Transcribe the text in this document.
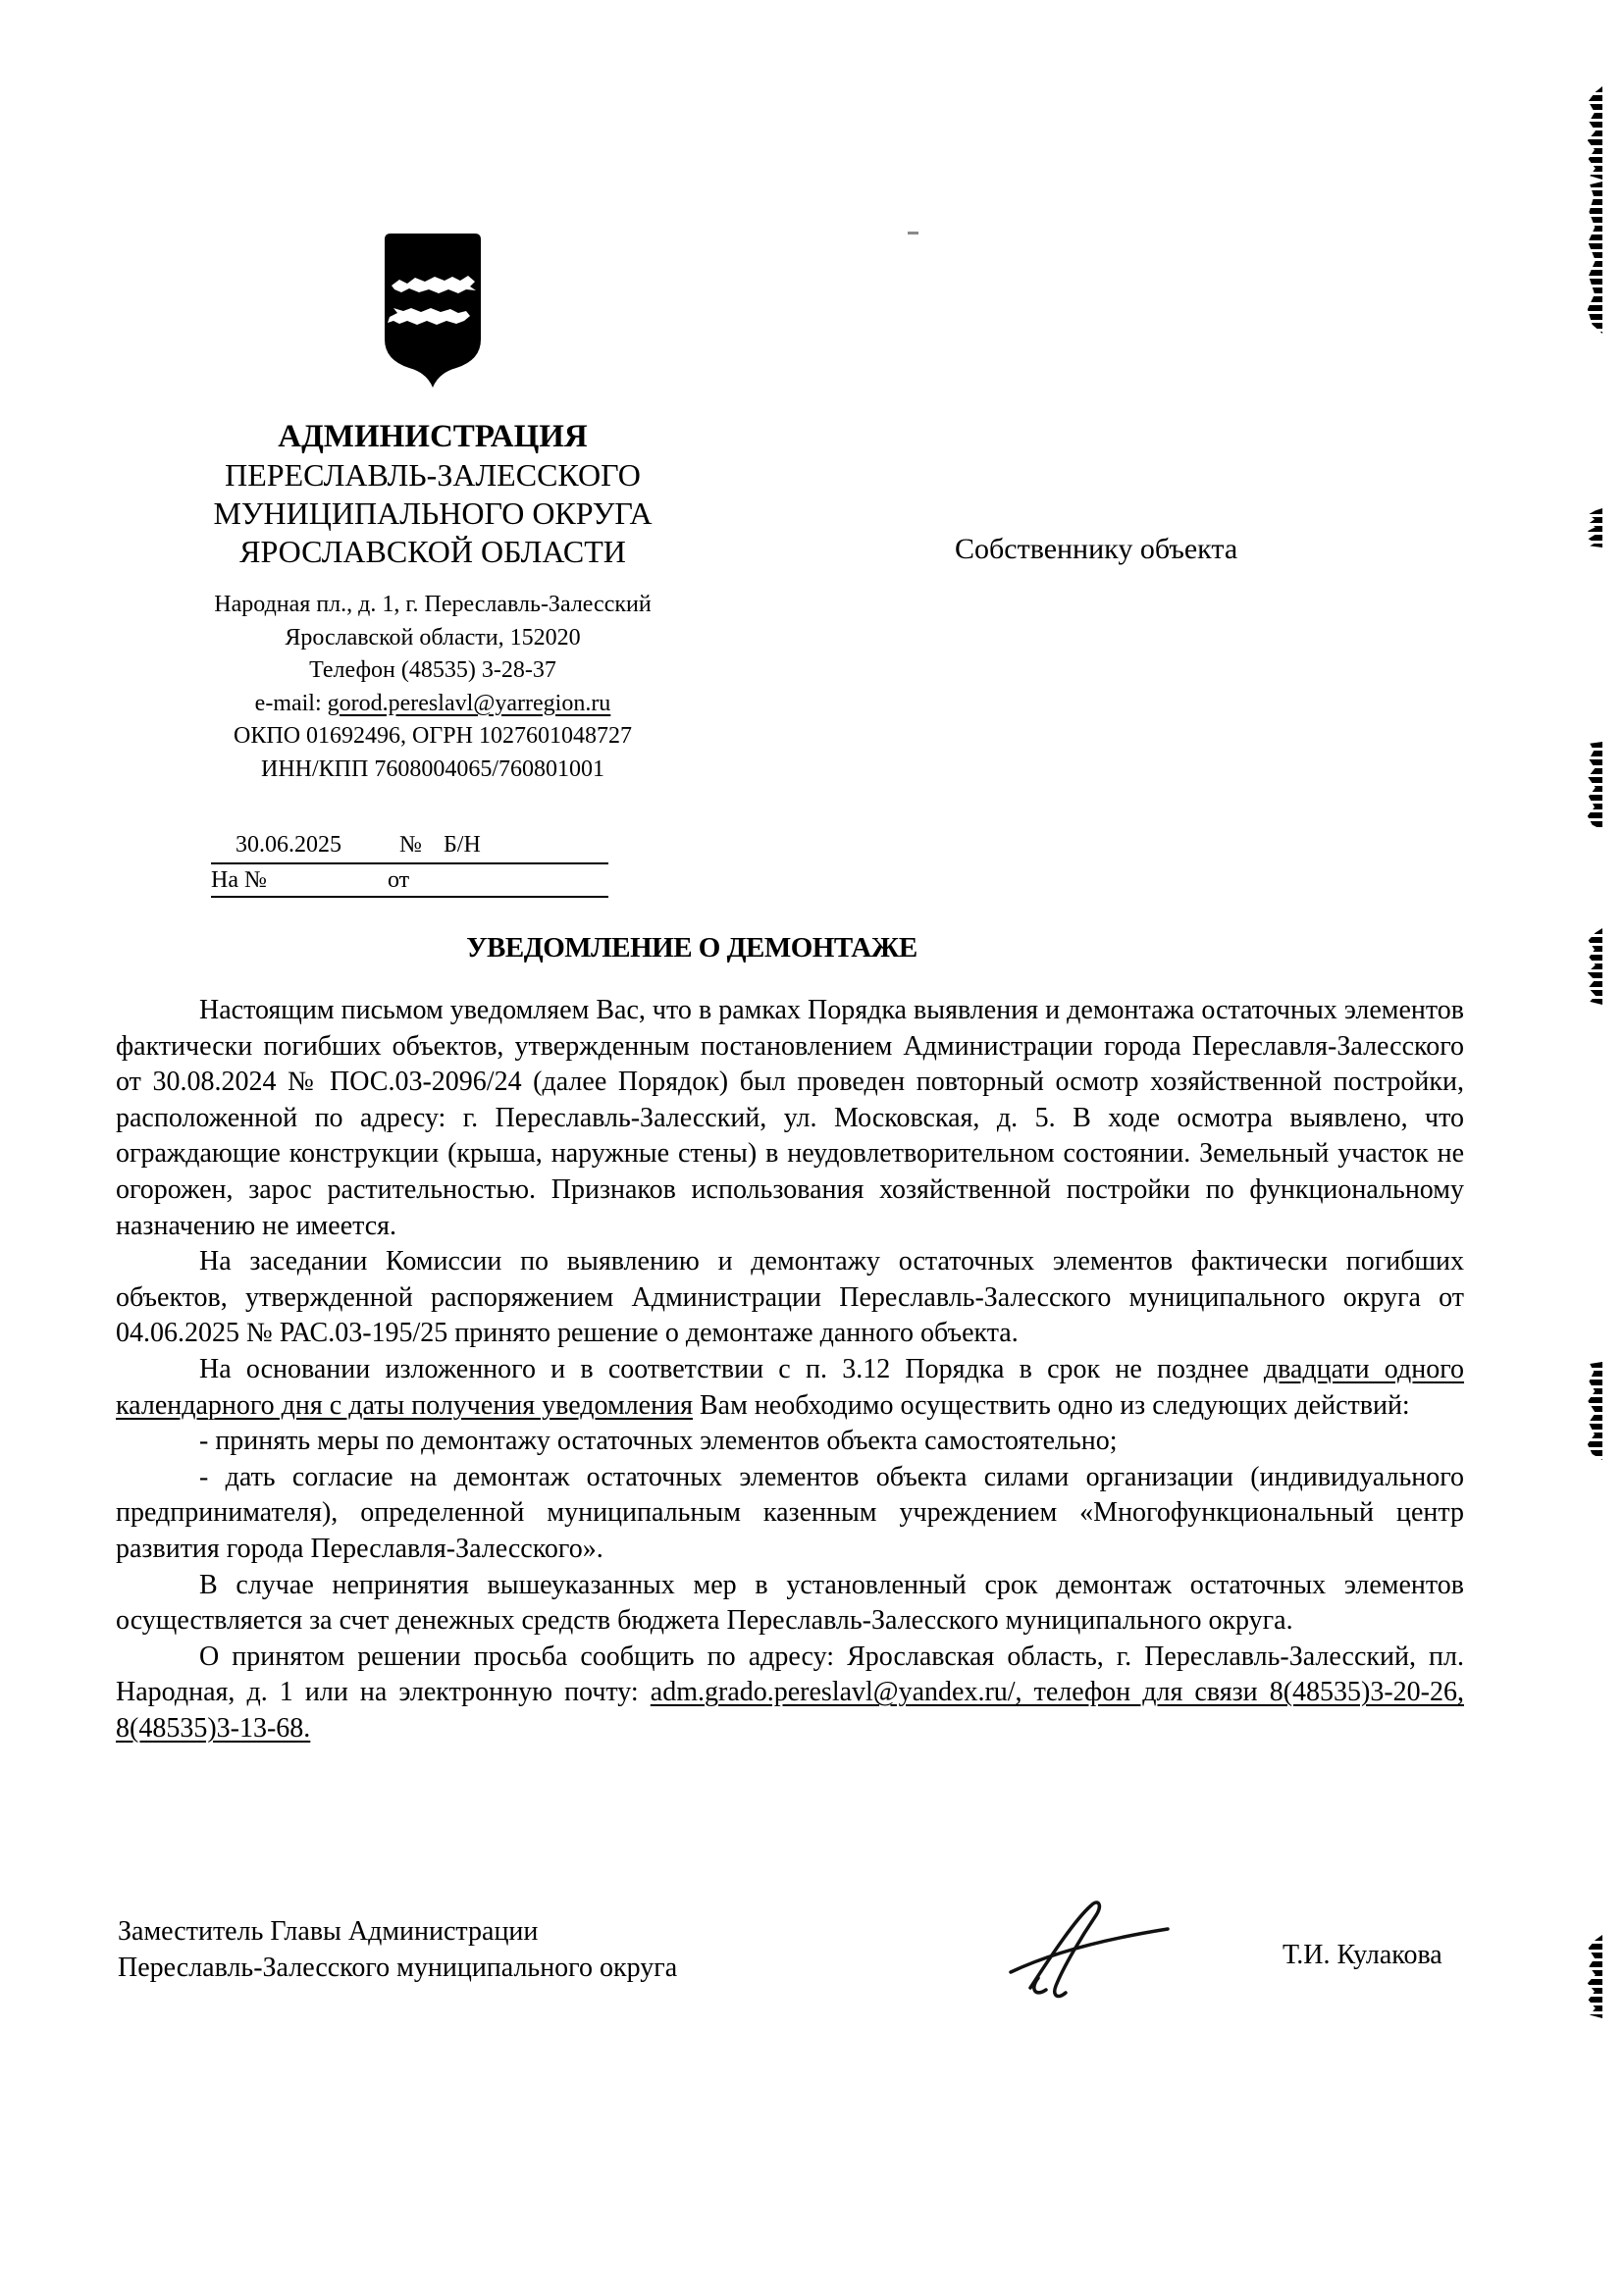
АДМИНИСТРАЦИЯ
ПЕРЕСЛАВЛЬ-ЗАЛЕССКОГО
МУНИЦИПАЛЬНОГО ОКРУГА
ЯРОСЛАВСКОЙ ОБЛАСТИ
Народная пл., д. 1, г. Переславль-Залесский
Ярославской области, 152020
Телефон (48535) 3-28-37
e-mail: gorod.pereslavl@yarregion.ru
ОКПО 01692496, ОГРН 1027601048727
ИНН/КПП 7608004065/760801001
30.06.2025 № Б/Н
На №	от
Собственнику объекта
УВЕДОМЛЕНИЕ О ДЕМОНТАЖЕ

Настоящим письмом уведомляем Вас, что в рамках Порядка выявления и демонтажа остаточных элементов фактически погибших объектов, утвержденным постановлением Администрации города Переславля-Залесского от 30.08.2024 № ПОС.03-2096/24 (далее Порядок) был проведен повторный осмотр хозяйственной постройки, расположенной по адресу: г. Переславль-Залесский, ул. Московская, д. 5. В ходе осмотра выявлено, что ограждающие конструкции (крыша, наружные стены) в неудовлетворительном состоянии. Земельный участок не огорожен, зарос растительностью. Признаков использования хозяйственной постройки по функциональному назначению не имеется.

На заседании Комиссии по выявлению и демонтажу остаточных элементов фактически погибших объектов, утвержденной распоряжением Администрации Переславль-Залесского муниципального округа от 04.06.2025 № РАС.03-195/25 принято решение о демонтаже данного объекта.

На основании изложенного и в соответствии с п. 3.12 Порядка в срок не позднее двадцати одного календарного дня с даты получения уведомления Вам необходимо осуществить одно из следующих действий:

- принять меры по демонтажу остаточных элементов объекта самостоятельно;

- дать согласие на демонтаж остаточных элементов объекта силами организации (индивидуального предпринимателя), определенной муниципальным казенным учреждением «Многофункциональный центр развития города Переславля-Залесского».

В случае непринятия вышеуказанных мер в установленный срок демонтаж остаточных элементов осуществляется за счет денежных средств бюджета Переславль-Залесского муниципального округа.

О принятом решении просьба сообщить по адресу: Ярославская область, г. Переславль-Залесский, пл. Народная, д. 1 или на электронную почту: adm.grado.pereslavl@yandex.ru/, телефон для связи 8(48535)3-20-26, 8(48535)3-13-68.

Заместитель Главы Администрации
Переславль-Залесского муниципального округа	Т.И. Кулакова
